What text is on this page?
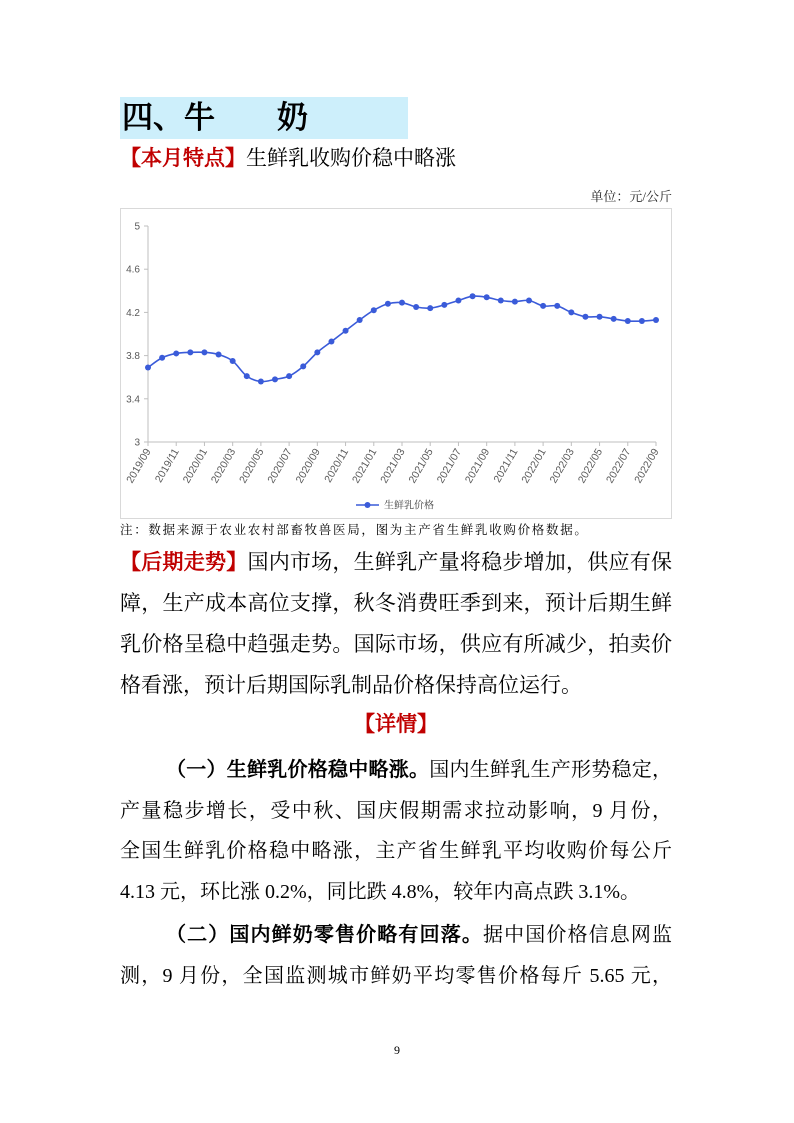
四、牛　　奶
【本月特点】生鲜乳收购价稳中略涨
单位：元/公斤
3
3.4
3.8
4.2
4.6
5
2019/09 2019/11
2020/01
2020/03
2020/05
2020/07
2020/09 2020/11
2021/01
2021/03
2021/05
2021/07
2021/09 2021/11
2022/01
2022/03
2022/05
2022/07
2022/09
生鲜乳价格
注：数据来源于农业农村部畜牧兽医局，图为主产省生鲜乳收购价格数据。
【后期走势】国内市场，生鲜乳产量将稳步增加，供应有保
障，生产成本高位支撑，秋冬消费旺季到来，预计后期生鲜
乳价格呈稳中趋强走势。国际市场，供应有所减少，拍卖价
格看涨，预计后期国际乳制品价格保持高位运行。
【详情】
（一）生鲜乳价格稳中略涨。国内生鲜乳生产形势稳定，
产量稳步增长，受中秋、国庆假期需求拉动影响，9 月份，
全国生鲜乳价格稳中略涨，主产省生鲜乳平均收购价每公斤
4.13 元，环比涨 0.2%，同比跌 4.8%，较年内高点跌 3.1%。
（二）国内鲜奶零售价略有回落。据中国价格信息网监
测，9 月份，全国监测城市鲜奶平均零售价格每斤 5.65 元，
9
